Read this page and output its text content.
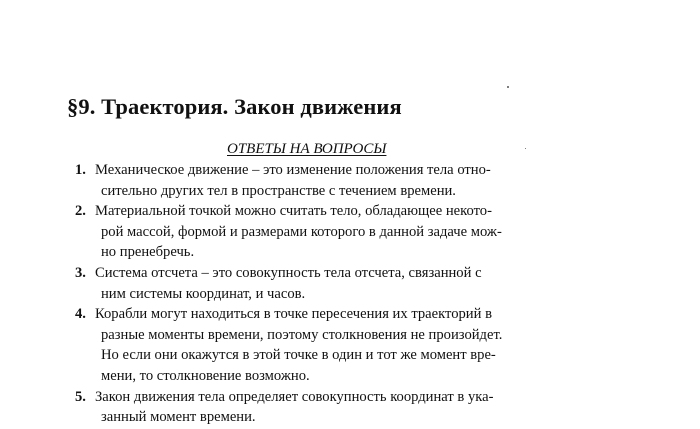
§9. Траектория. Закон движения
ОТВЕТЫ НА ВОПРОСЫ
1. Механическое движение – это изменение положения тела отно-
сительно других тел в пространстве с течением времени.
2. Материальной точкой можно считать тело, обладающее некото-
рой массой, формой и размерами которого в данной задаче мож-
но пренебречь.
3. Система отсчета – это совокупность тела отсчета, связанной с
ним системы координат, и часов.
4. Корабли могут находиться в точке пересечения их траекторий в
разные моменты времени, поэтому столкновения не произойдет.
Но если они окажутся в этой точке в один и тот же момент вре-
мени, то столкновение возможно.
5. Закон движения тела определяет совокупность координат в ука-
занный момент времени.
